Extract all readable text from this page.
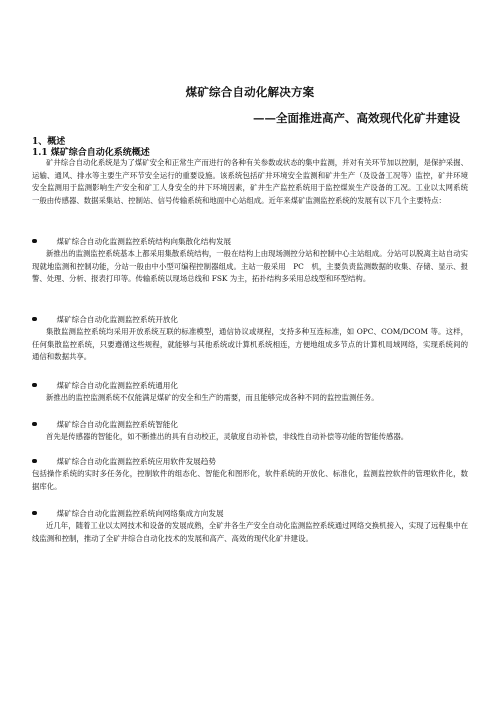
煤矿综合自动化解决方案
——全面推进高产、高效现代化矿井建设
1、概述
1.1 煤矿综合自动化系统概述
矿井综合自动化系统是为了煤矿安全和正常生产而进行的各种有关参数或状态的集中监测，并对有关环节加以控制，是保护采掘、运输、通风、排水等主要生产环节安全运行的重要设施。该系统包括矿井环境安全监测和矿井生产（及设备工况等）监控，矿井环境安全监测用于监测影响生产安全和矿工人身安全的井下环境因素，矿井生产监控系统用于监控煤炭生产设备的工况。工业以太网系统一般由传感器、数据采集站、控制站、信号传输系统和地面中心站组成。近年来煤矿监测监控系统的发展有以下几个主要特点：
煤矿综合自动化监测监控系统结构向集散化结构发展
新推出的监测监控系统基本上都采用集散系统结构，一般在结构上由现场测控分站和控制中心主站组成。分站可以脱离主站自动实现就地监测和控制功能，分站一般由中小型可编程控制器组成。主站一般采用　PC　机，主要负责监测数据的收集、存储、显示、报警、处理、分析、报表打印等。传输系统以现场总线和 FSK 为主，拓扑结构多采用总线型和环型结构。
煤矿综合自动化监测监控系统开放化
集散监测监控系统均采用开放系统互联的标准模型，通信协议或规程，支持多种互连标准，如 OPC、COM/DCOM 等。这样，任何集散监控系统，只要遵循这些规程，就能够与其他系统或计算机系统相连，方便地组成多节点的计算机局域网络，实现系统间的通信和数据共享。
煤矿综合自动化监测监控系统通用化
新推出的监控监测系统不仅能满足煤矿的安全和生产的需要，而且能够完成各种不同的监控监测任务。
煤矿综合自动化监测监控系统智能化
首先是传感器的智能化，如不断推出的具有自动校正，灵敏度自动补偿，非线性自动补偿等功能的智能传感器。
煤矿综合自动化监测监控系统应用软件发展趋势
包括操作系统的实时多任务化，控制软件的组态化、智能化和图形化，软件系统的开放化、标准化，监测监控软件的管理软件化，数据库化。
煤矿综合自动化监测监控系统向网络集成方向发展
近几年，随着工业以太网技术和设备的发展成熟，全矿井各生产安全自动化监测监控系统通过网络交换机接入，实现了远程集中在线监测和控制，推动了全矿井综合自动化技术的发展和高产、高效的现代化矿井建设。
